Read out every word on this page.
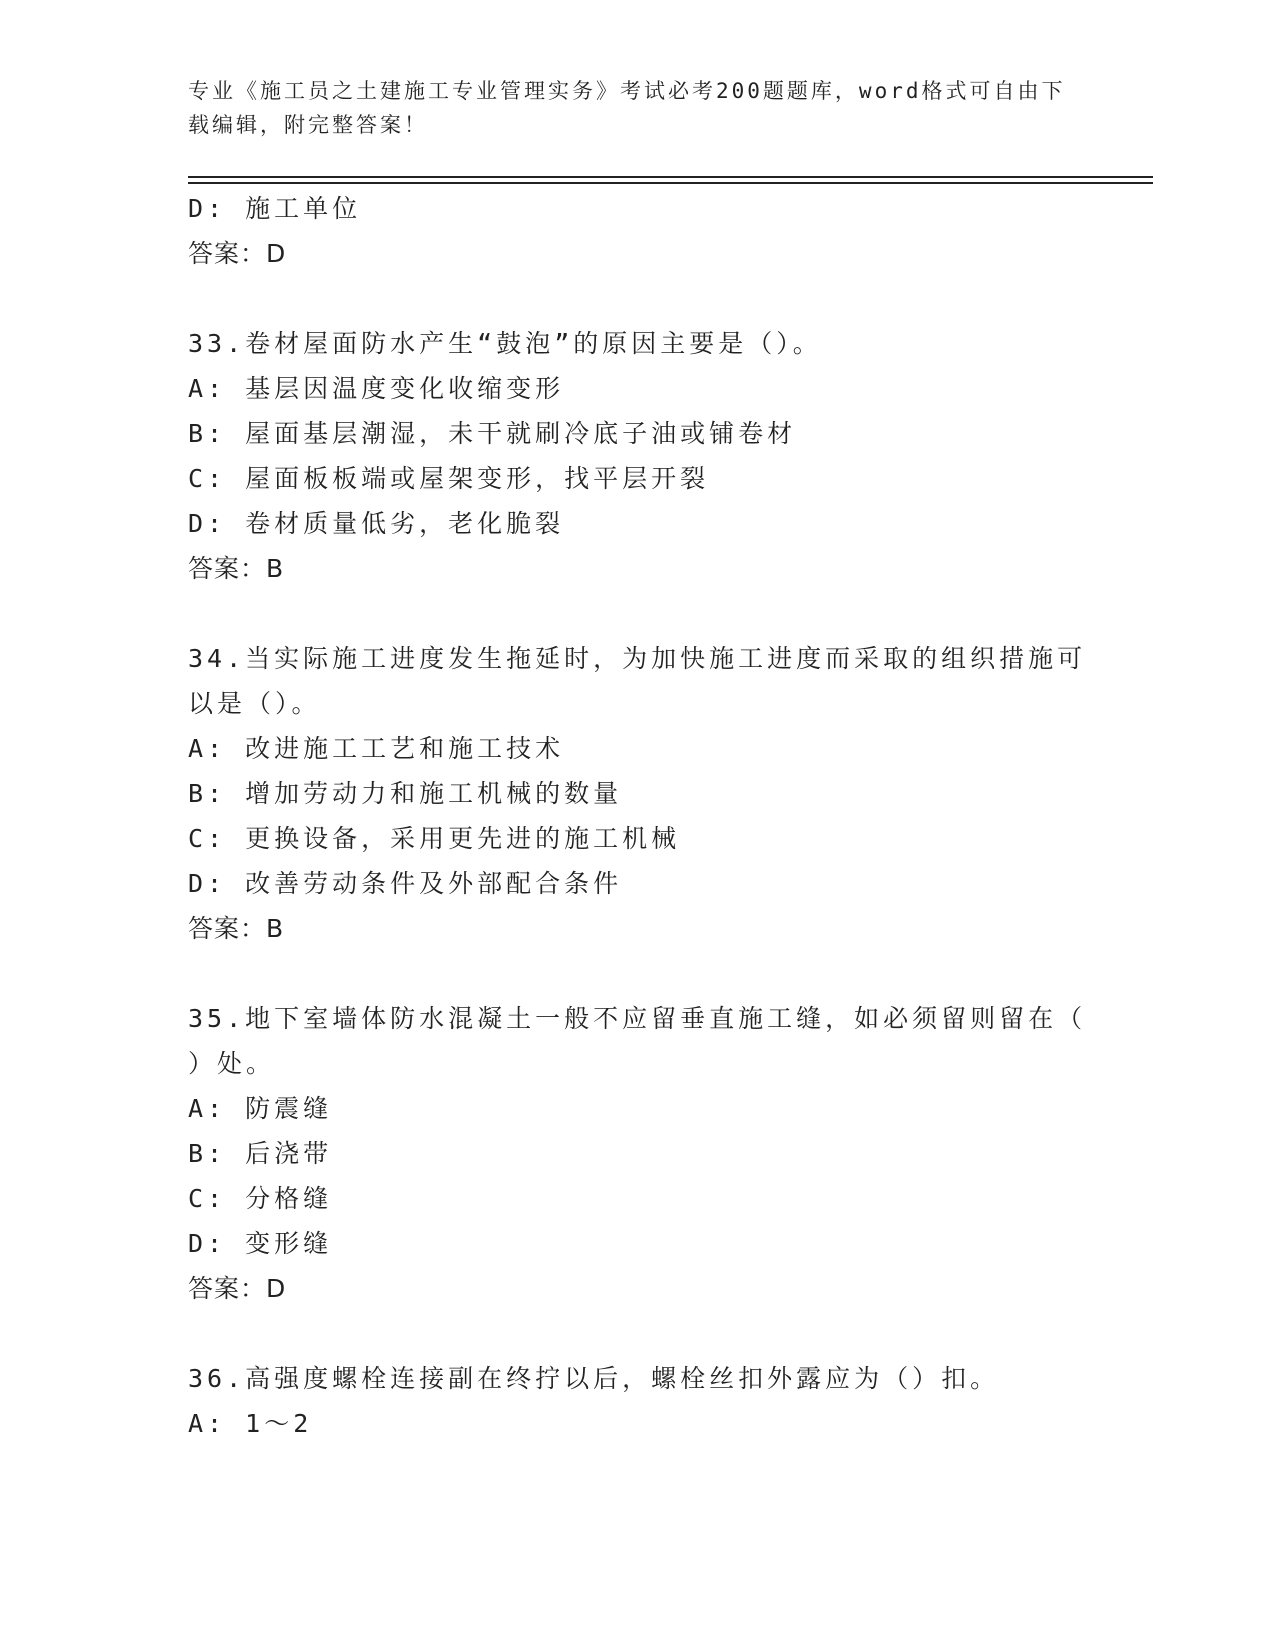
专业《施工员之土建施工专业管理实务》考试必考200题题库，word格式可自由下载编辑，附完整答案！
D: 施工单位
答案：D
33.卷材屋面防水产生“鼓泡”的原因主要是（）。
A: 基层因温度变化收缩变形
B: 屋面基层潮湿，未干就刷冷底子油或铺卷材
C: 屋面板板端或屋架变形，找平层开裂
D: 卷材质量低劣，老化脆裂
答案：B
34.当实际施工进度发生拖延时，为加快施工进度而采取的组织措施可
以是（）。
A: 改进施工工艺和施工技术
B: 增加劳动力和施工机械的数量
C: 更换设备，采用更先进的施工机械
D: 改善劳动条件及外部配合条件
答案：B
35.地下室墙体防水混凝土一般不应留垂直施工缝，如必须留则留在（
）处。
A: 防震缝
B: 后浇带
C: 分格缝
D: 变形缝
答案：D
36.高强度螺栓连接副在终拧以后，螺栓丝扣外露应为（）扣。
A: 1～2
